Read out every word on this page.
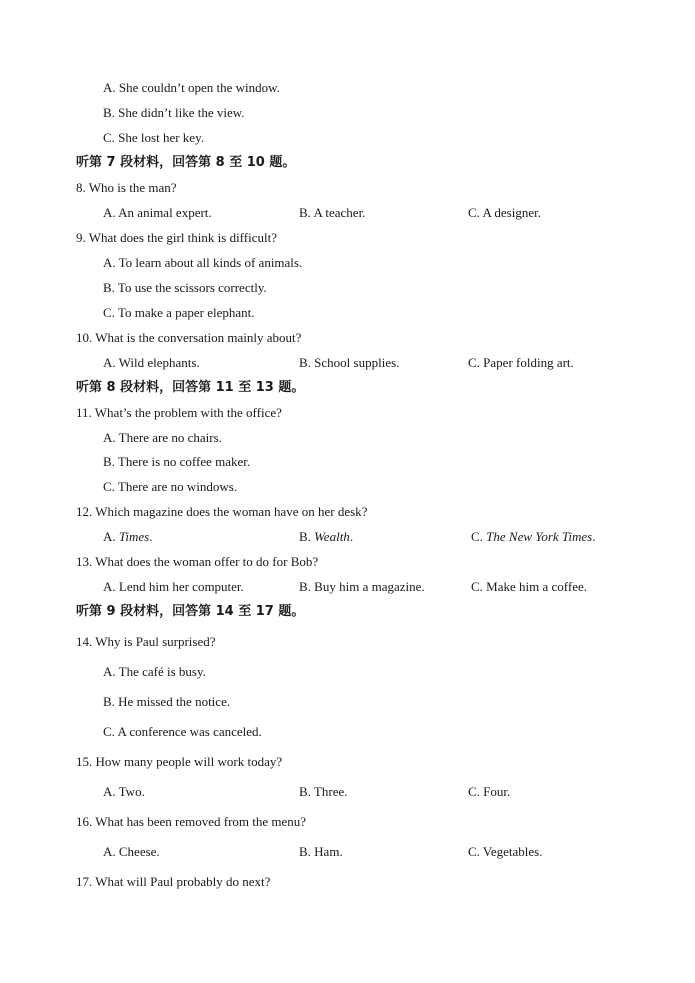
A. She couldn’t open the window.
B. She didn’t like the view.
C. She lost her key.
听第 7 段材料，回答第 8 至 10 题。
8. Who is the man?
A. An animal expert.	B. A teacher.	C. A designer.
9. What does the girl think is difficult?
A. To learn about all kinds of animals.
B. To use the scissors correctly.
C. To make a paper elephant.
10. What is the conversation mainly about?
A. Wild elephants.	B. School supplies.	C. Paper folding art.
听第 8 段材料，回答第 11 至 13 题。
11. What’s the problem with the office?
A. There are no chairs.
B. There is no coffee maker.
C. There are no windows.
12. Which magazine does the woman have on her desk?
A. Times.	B. Wealth.	C. The New York Times.
13. What does the woman offer to do for Bob?
A. Lend him her computer.	B. Buy him a magazine.	C. Make him a coffee.
听第 9 段材料，回答第 14 至 17 题。
14. Why is Paul surprised?
A. The café is busy.
B. He missed the notice.
C. A conference was canceled.
15. How many people will work today?
A. Two.	B. Three.	C. Four.
16. What has been removed from the menu?
A. Cheese.	B. Ham.	C. Vegetables.
17. What will Paul probably do next?
